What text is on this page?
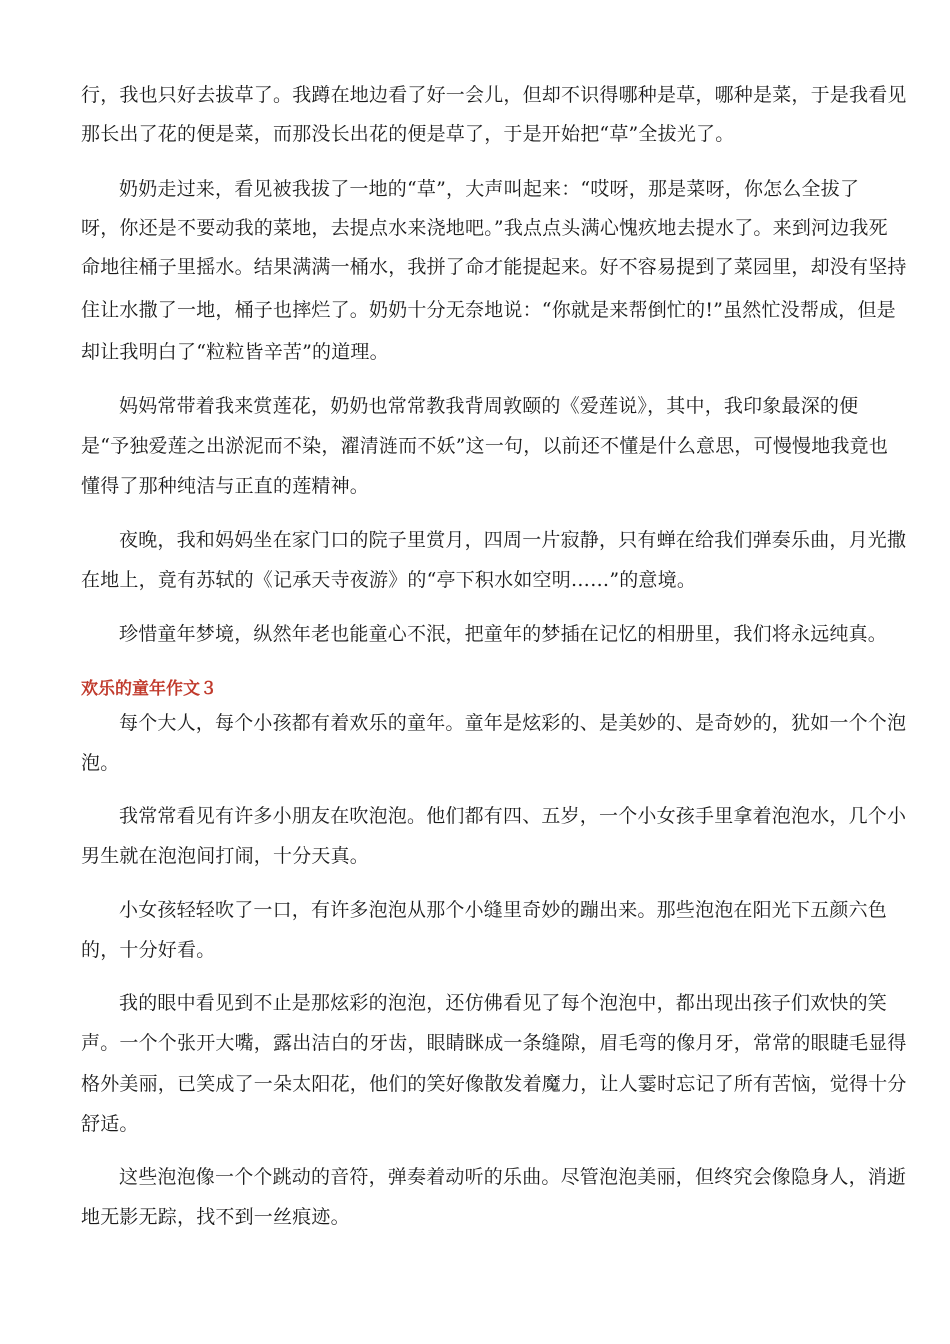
行，我也只好去拔草了。我蹲在地边看了好一会儿，但却不识得哪种是草，哪种是菜，于是我看见

那长出了花的便是菜，而那没长出花的便是草了，于是开始把“草”全拔光了。

奶奶走过来，看见被我拔了一地的“草”，大声叫起来：“哎呀，那是菜呀，你怎么全拔了

呀，你还是不要动我的菜地，去提点水来浇地吧。”我点点头满心愧疚地去提水了。来到河边我死

命地往桶子里摇水。结果满满一桶水，我拼了命才能提起来。好不容易提到了菜园里，却没有坚持

住让水撒了一地，桶子也摔烂了。奶奶十分无奈地说：“你就是来帮倒忙的!”虽然忙没帮成，但是

却让我明白了“粒粒皆辛苦”的道理。

妈妈常带着我来赏莲花，奶奶也常常教我背周敦颐的《爱莲说》，其中，我印象最深的便

是“予独爱莲之出淤泥而不染，濯清涟而不妖”这一句，以前还不懂是什么意思，可慢慢地我竟也

懂得了那种纯洁与正直的莲精神。

夜晚，我和妈妈坐在家门口的院子里赏月，四周一片寂静，只有蝉在给我们弹奏乐曲，月光撒

在地上，竟有苏轼的《记承天寺夜游》的“亭下积水如空明……”的意境。

珍惜童年梦境，纵然年老也能童心不泯，把童年的梦插在记忆的相册里，我们将永远纯真。

欢乐的童年作文３

每个大人，每个小孩都有着欢乐的童年。童年是炫彩的、是美妙的、是奇妙的，犹如一个个泡

泡。

我常常看见有许多小朋友在吹泡泡。他们都有四、五岁，一个小女孩手里拿着泡泡水，几个小

男生就在泡泡间打闹，十分天真。

小女孩轻轻吹了一口，有许多泡泡从那个小缝里奇妙的蹦出来。那些泡泡在阳光下五颜六色

的，十分好看。

我的眼中看见到不止是那炫彩的泡泡，还仿佛看见了每个泡泡中，都出现出孩子们欢快的笑

声。一个个张开大嘴，露出洁白的牙齿，眼睛眯成一条缝隙，眉毛弯的像月牙，常常的眼睫毛显得

格外美丽，已笑成了一朵太阳花，他们的笑好像散发着魔力，让人霎时忘记了所有苦恼，觉得十分

舒适。

这些泡泡像一个个跳动的音符，弹奏着动听的乐曲。尽管泡泡美丽，但终究会像隐身人，消逝

地无影无踪，找不到一丝痕迹。
